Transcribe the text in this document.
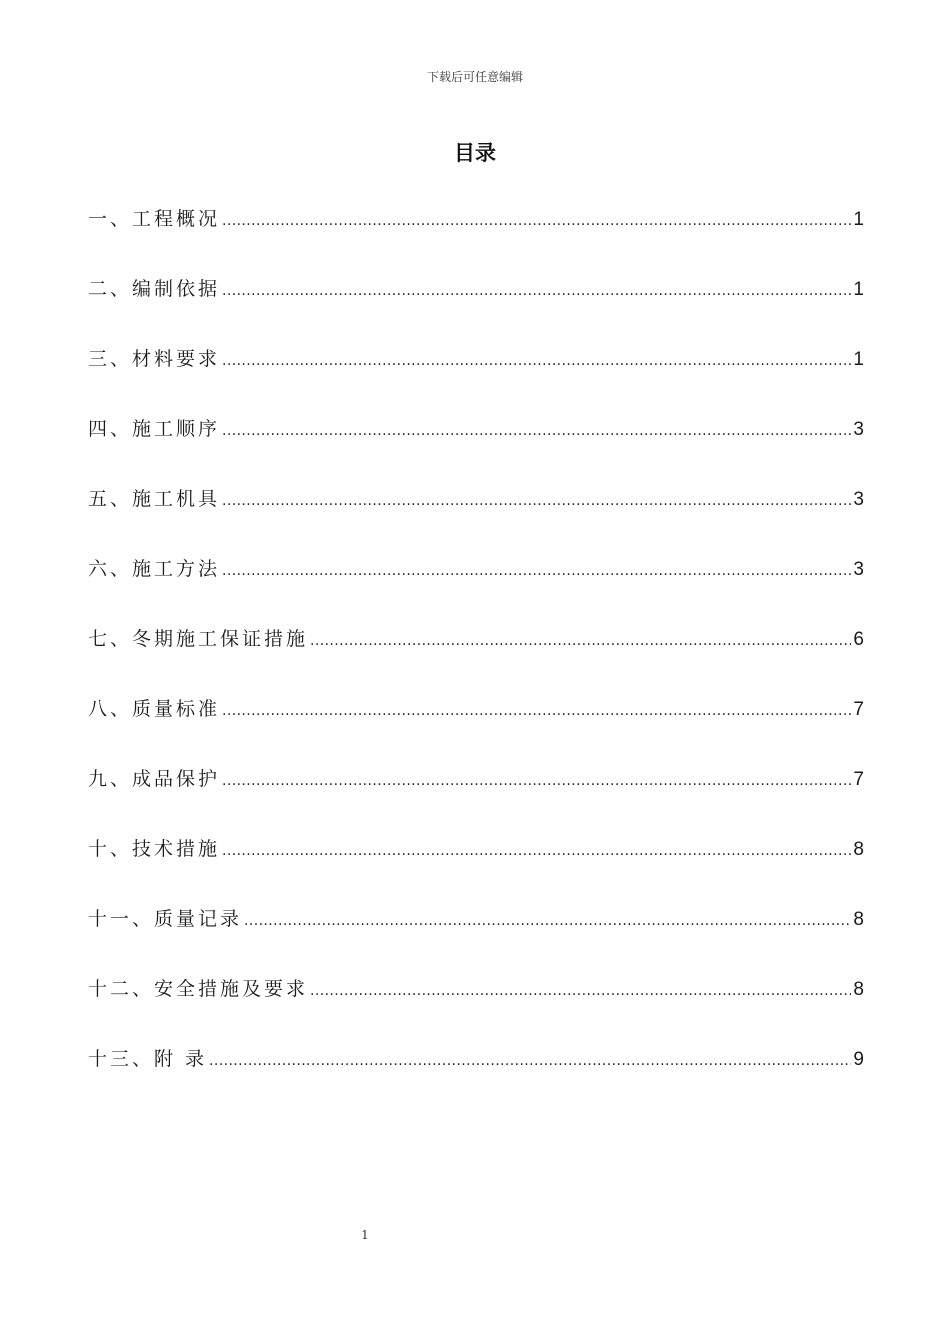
下载后可任意编辑
目录
一、工程概况 .....	1
二、编制依据 .....	1
三、材料要求 .....	1
四、施工顺序 .....	3
五、施工机具 .....	3
六、施工方法 .....	3
七、冬期施工保证措施 .....	6
八、质量标准 .....	7
九、成品保护 .....	7
十、技术措施 .....	8
十一、质量记录 .....	8
十二、安全措施及要求 .....	8
十三、附 录 .....	9
1
